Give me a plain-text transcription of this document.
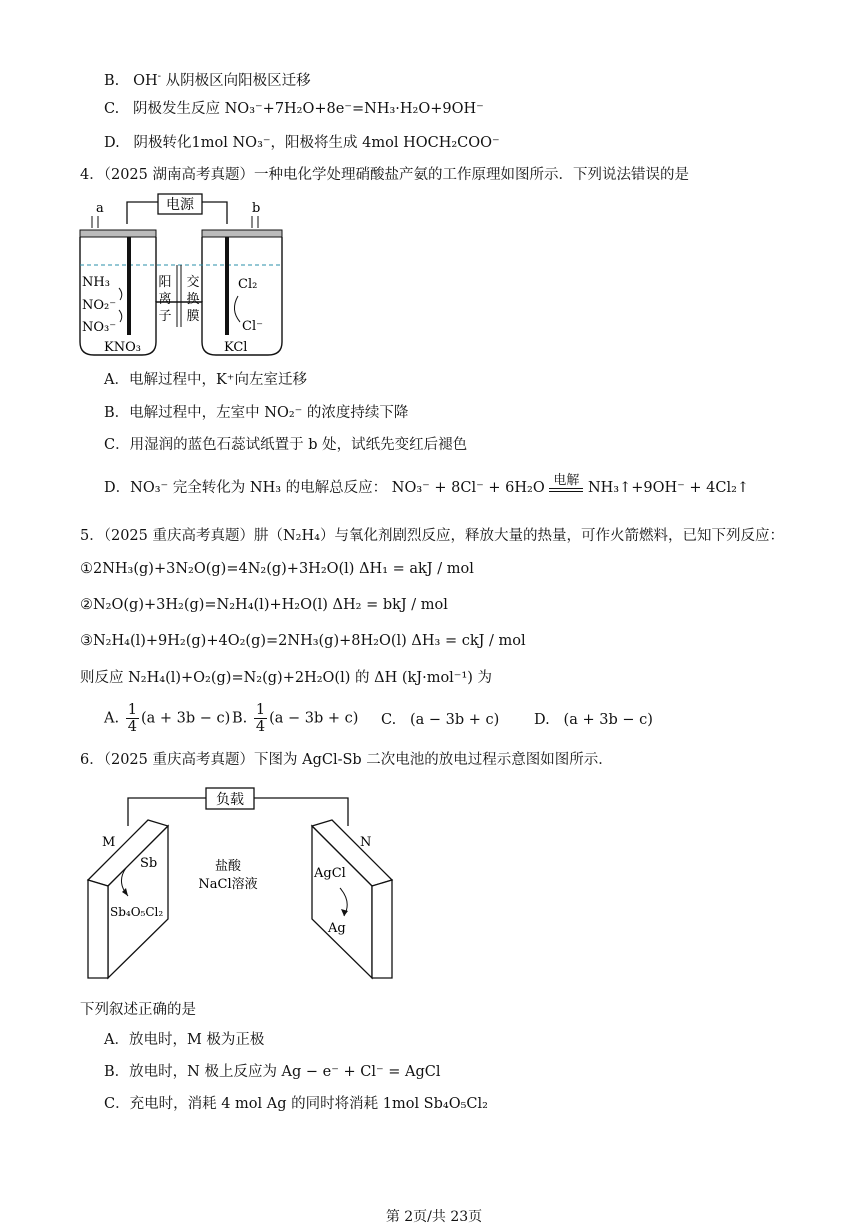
B. OH- 从阴极区向阳极区迁移
C. 阴极发生反应 NO₃⁻+7H₂O+8e⁻=NH₃·H₂O+9OH⁻
D. 阴极转化1mol NO₃⁻，阳极将生成 4mol HOCH₂COO⁻
4．（2025 湖南高考真题）一种电化学处理硝酸盐产氨的工作原理如图所示．下列说法错误的是
电源
a	b
阳
离
子
交
换
膜
NH₃
NO₂⁻
NO₃⁻
KNO₃
Cl₂
Cl⁻
KCl
A．电解过程中，K⁺向左室迁移
B．电解过程中，左室中 NO₂⁻ 的浓度持续下降
C．用湿润的蓝色石蕊试纸置于 b 处，试纸先变红后褪色
D．NO₃⁻ 完全转化为 NH₃ 的电解总反应： NO₃⁻ + 8Cl⁻ + 6H₂O 电解 NH₃↑+9OH⁻ + 4Cl₂↑
5．（2025 重庆高考真题）肼（N₂H₄）与氧化剂剧烈反应，释放大量的热量，可作火箭燃料，已知下列反应：
①2NH₃(g)+3N₂O(g)=4N₂(g)+3H₂O(l) ΔH₁ = akJ / mol
②N₂O(g)+3H₂(g)=N₂H₄(l)+H₂O(l) ΔH₂ = bkJ / mol
③N₂H₄(l)+9H₂(g)+4O₂(g)=2NH₃(g)+8H₂O(l) ΔH₃ = ckJ / mol
则反应 N₂H₄(l)+O₂(g)=N₂(g)+2H₂O(l) 的 ΔH (kJ·mol⁻¹) 为
A. $\frac{1}{4} (a + 3b - c)$ B. $\frac{1}{4} (a - 3b + c)$ C. (a − 3b + c) D. (a + 3b − c)
6．（2025 重庆高考真题）下图为 AgCl-Sb 二次电池的放电过程示意图如图所示．
负载
M	N
Sb
Sb₄O₅Cl₂
盐酸
NaCl溶液
AgCl
Ag
下列叙述正确的是
A．放电时，M 极为正极
B．放电时，N 极上反应为 Ag − e⁻ + Cl⁻ = AgCl
C．充电时，消耗 4 mol Ag 的同时将消耗 1mol Sb₄O₅Cl₂
第 2页/共 23页
